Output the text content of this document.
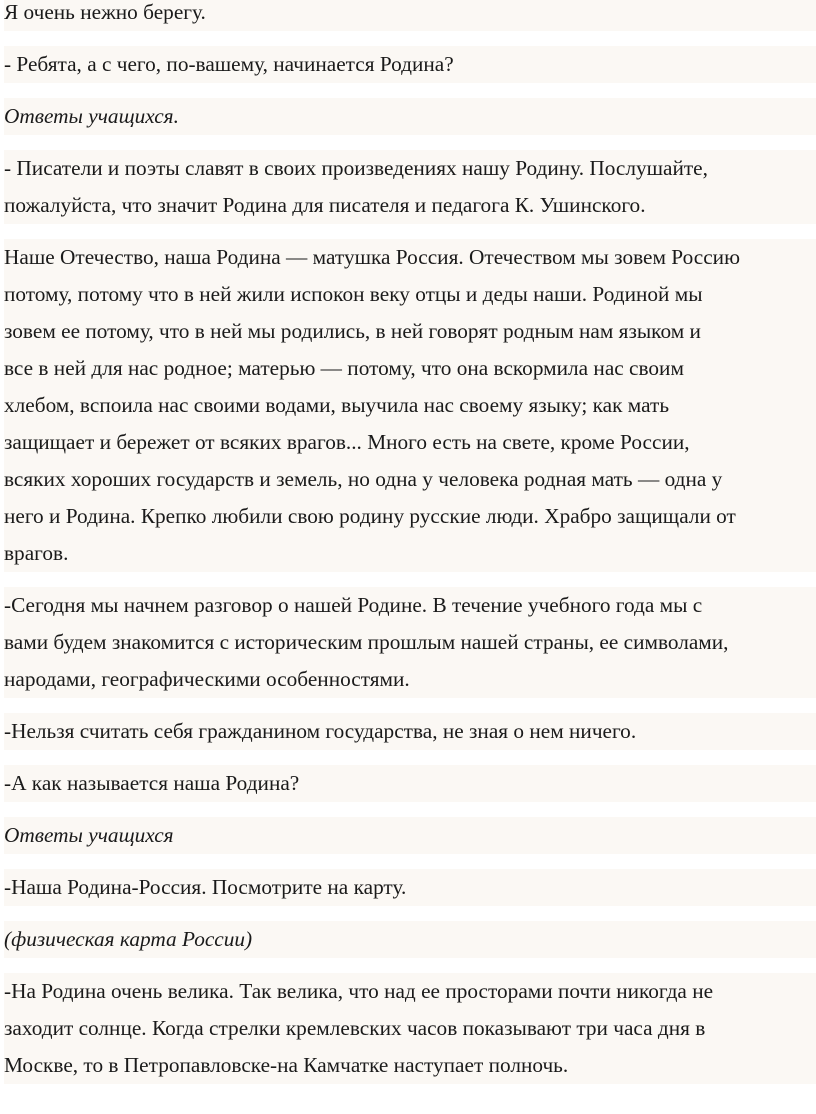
Я очень нежно берегу.
- Ребята, а с чего, по-вашему, начинается Родина?
Ответы учащихся.
- Писатели и поэты славят в своих произведениях нашу Родину. Послушайте,
пожалуйста, что значит Родина для писателя и педагога К. Ушинского.
Наше Отечество, наша Родина — матушка Россия. Отечеством мы зовем Россию
потому, потому что в ней жили испокон веку отцы и деды наши. Родиной мы
зовем ее потому, что в ней мы родились, в ней говорят родным нам языком и
все в ней для нас родное; матерью — потому, что она вскормила нас своим
хлебом, вспоила нас своими водами, выучила нас своему языку; как мать
защищает и бережет от всяких врагов... Много есть на свете, кроме России,
всяких хороших государств и земель, но одна у человека родная мать — одна у
него и Родина. Крепко любили свою родину русские люди. Храбро защищали от
врагов.
-Сегодня мы начнем разговор о нашей Родине. В течение учебного года мы с
вами будем знакомится с историческим прошлым нашей страны, ее символами,
народами, географическими особенностями.
-Нельзя считать себя гражданином государства, не зная о нем ничего.
-А как называется наша Родина?
Ответы учащихся
-Наша Родина-Россия. Посмотрите на карту.
(физическая карта России)
-На Родина очень велика. Так велика, что над ее просторами почти никогда не
заходит солнце. Когда стрелки кремлевских часов показывают три часа дня в
Москве, то в Петропавловске-на Камчатке наступает полночь.
